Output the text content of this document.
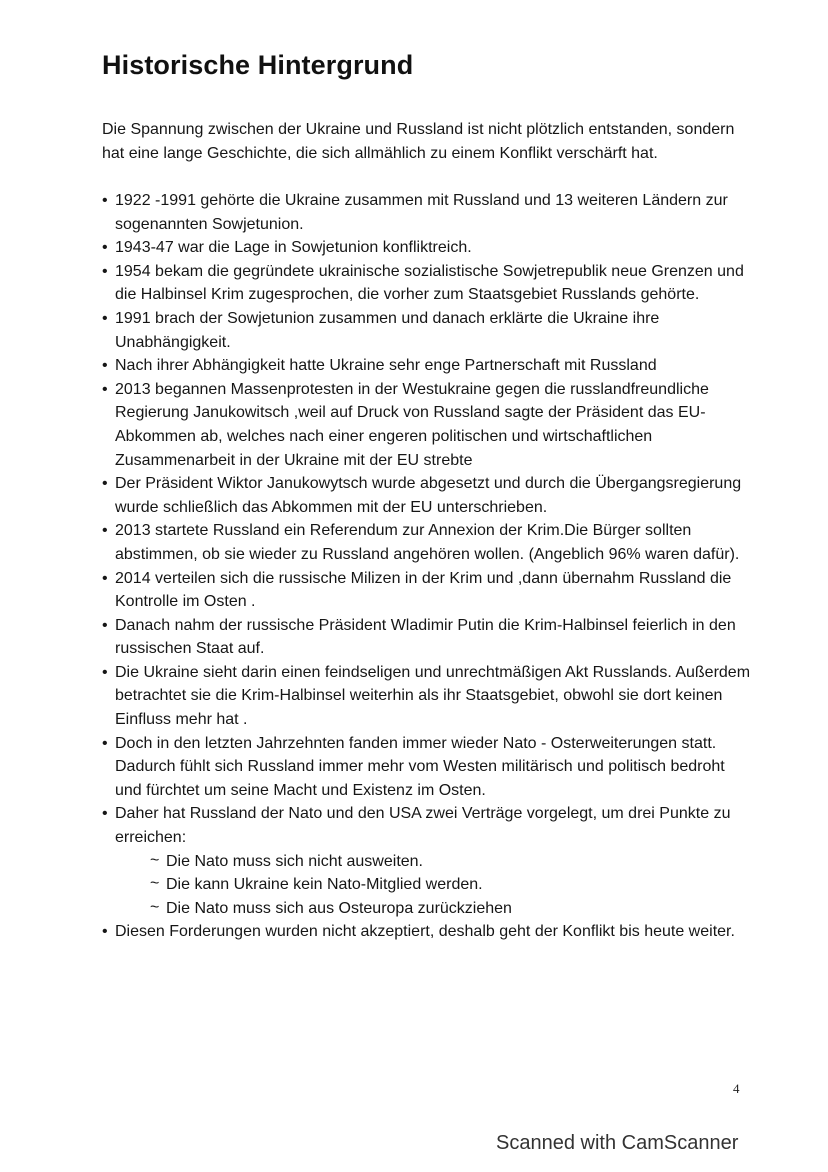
Historische Hintergrund

Die Spannung zwischen der Ukraine und Russland ist nicht plötzlich entstanden, sondern hat eine lange Geschichte, die sich allmählich zu einem Konflikt verschärft hat.

• 1922 -1991 gehörte die Ukraine zusammen mit Russland und 13 weiteren Ländern zur sogenannten Sowjetunion.
• 1943-47 war die Lage in Sowjetunion konfliktreich.
• 1954 bekam die gegründete ukrainische sozialistische Sowjetrepublik neue Grenzen und die Halbinsel Krim zugesprochen, die vorher zum Staatsgebiet Russlands gehörte.
• 1991 brach der Sowjetunion zusammen und danach erklärte die Ukraine ihre Unabhängigkeit.
• Nach ihrer Abhängigkeit hatte Ukraine sehr enge Partnerschaft mit Russland
• 2013 begannen Massenprotesten in der Westukraine gegen die russlandfreundliche Regierung Janukowitsch ,weil auf Druck von Russland sagte der Präsident das EU-Abkommen ab, welches nach einer engeren politischen und wirtschaftlichen Zusammenarbeit in der Ukraine mit der EU strebte
• Der Präsident Wiktor Janukowytsch wurde abgesetzt und durch die Übergangsregierung wurde schließlich das Abkommen mit der EU unterschrieben.
• 2013 startete Russland ein Referendum zur Annexion der Krim.Die Bürger sollten abstimmen, ob sie wieder zu Russland angehören wollen. (Angeblich 96% waren dafür).
• 2014 verteilen sich die russische Milizen in der Krim und ,dann übernahm Russland die Kontrolle im Osten .
• Danach nahm der russische Präsident Wladimir Putin die Krim-Halbinsel feierlich in den russischen Staat auf.
• Die Ukraine sieht darin einen feindseligen und unrechtmäßigen Akt Russlands. Außerdem betrachtet sie die Krim-Halbinsel weiterhin als ihr Staatsgebiet, obwohl sie dort keinen Einfluss mehr hat .
• Doch in den letzten Jahrzehnten fanden immer wieder Nato - Osterweiterungen statt. Dadurch fühlt sich Russland immer mehr vom Westen militärisch und politisch bedroht und fürchtet um seine Macht und Existenz im Osten.
• Daher hat Russland der Nato und den USA zwei Verträge vorgelegt, um drei Punkte zu erreichen:
~ Die Nato muss sich nicht ausweiten.
~ Die kann Ukraine kein Nato-Mitglied werden.
~ Die Nato muss sich aus Osteuropa zurückziehen
• Diesen Forderungen wurden nicht akzeptiert, deshalb geht der Konflikt bis heute weiter.
4
Scanned with CamScanner
